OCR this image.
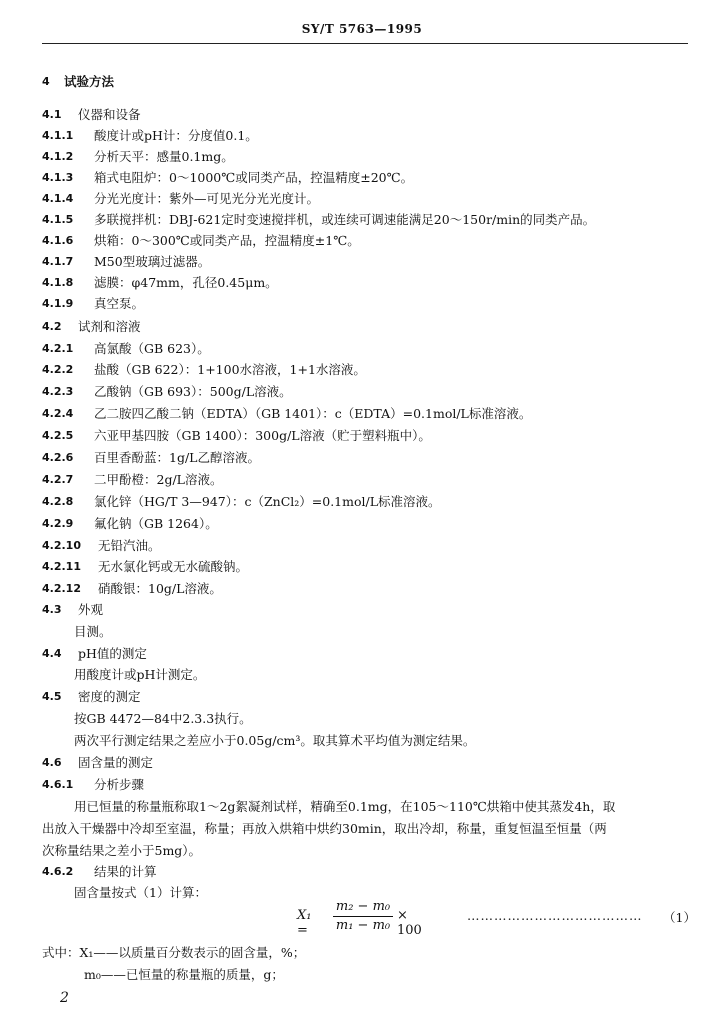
SY/T 5763—1995
4 试验方法
4.1 仪器和设备
4.1.1 酸度计或pH计：分度值0.1。
4.1.2 分析天平：感量0.1mg。
4.1.3 箱式电阻炉：0～1000℃或同类产品，控温精度±20℃。
4.1.4 分光光度计：紫外—可见光分光光度计。
4.1.5 多联搅拌机：DBJ-621定时变速搅拌机，或连续可调速能满足20～150r/min的同类产品。
4.1.6 烘箱：0～300℃或同类产品，控温精度±1℃。
4.1.7 M50型玻璃过滤器。
4.1.8 滤膜：φ47mm，孔径0.45μm。
4.1.9 真空泵。
4.2 试剂和溶液
4.2.1 高氯酸（GB 623）。
4.2.2 盐酸（GB 622）：1+100水溶液，1+1水溶液。
4.2.3 乙酸钠（GB 693）：500g/L溶液。
4.2.4 乙二胺四乙酸二钠（EDTA）（GB 1401）：c（EDTA）=0.1mol/L标准溶液。
4.2.5 六亚甲基四胺（GB 1400）：300g/L溶液（贮于塑料瓶中）。
4.2.6 百里香酚蓝：1g/L乙醇溶液。
4.2.7 二甲酚橙：2g/L溶液。
4.2.8 氯化锌（HG/T 3—947）：c（ZnCl₂）=0.1mol/L标准溶液。
4.2.9 氟化钠（GB 1264）。
4.2.10 无铅汽油。
4.2.11 无水氯化钙或无水硫酸钠。
4.2.12 硝酸银：10g/L溶液。
4.3 外观
目测。
4.4 pH值的测定
用酸度计或pH计测定。
4.5 密度的测定
按GB 4472—84中2.3.3执行。
两次平行测定结果之差应小于0.05g/cm³。取其算术平均值为测定结果。
4.6 固含量的测定
4.6.1 分析步骤
用已恒量的称量瓶称取1～2g絮凝剂试样，精确至0.1mg，在105～110℃烘箱中使其蒸发4h，取
出放入干燥器中冷却至室温，称量；再放入烘箱中烘约30min，取出冷却，称量，重复恒温至恒量（两
次称量结果之差小于5mg）。
4.6.2 结果的计算
固含量按式（1）计算：
$X_1 = \frac{\text{m₂ − m₀}}{\text{m₁ − m₀}} \times 100$
………………………………… （1）
式中：X₁——以质量百分数表示的固含量，%；
m₀——已恒量的称量瓶的质量，g；
2
